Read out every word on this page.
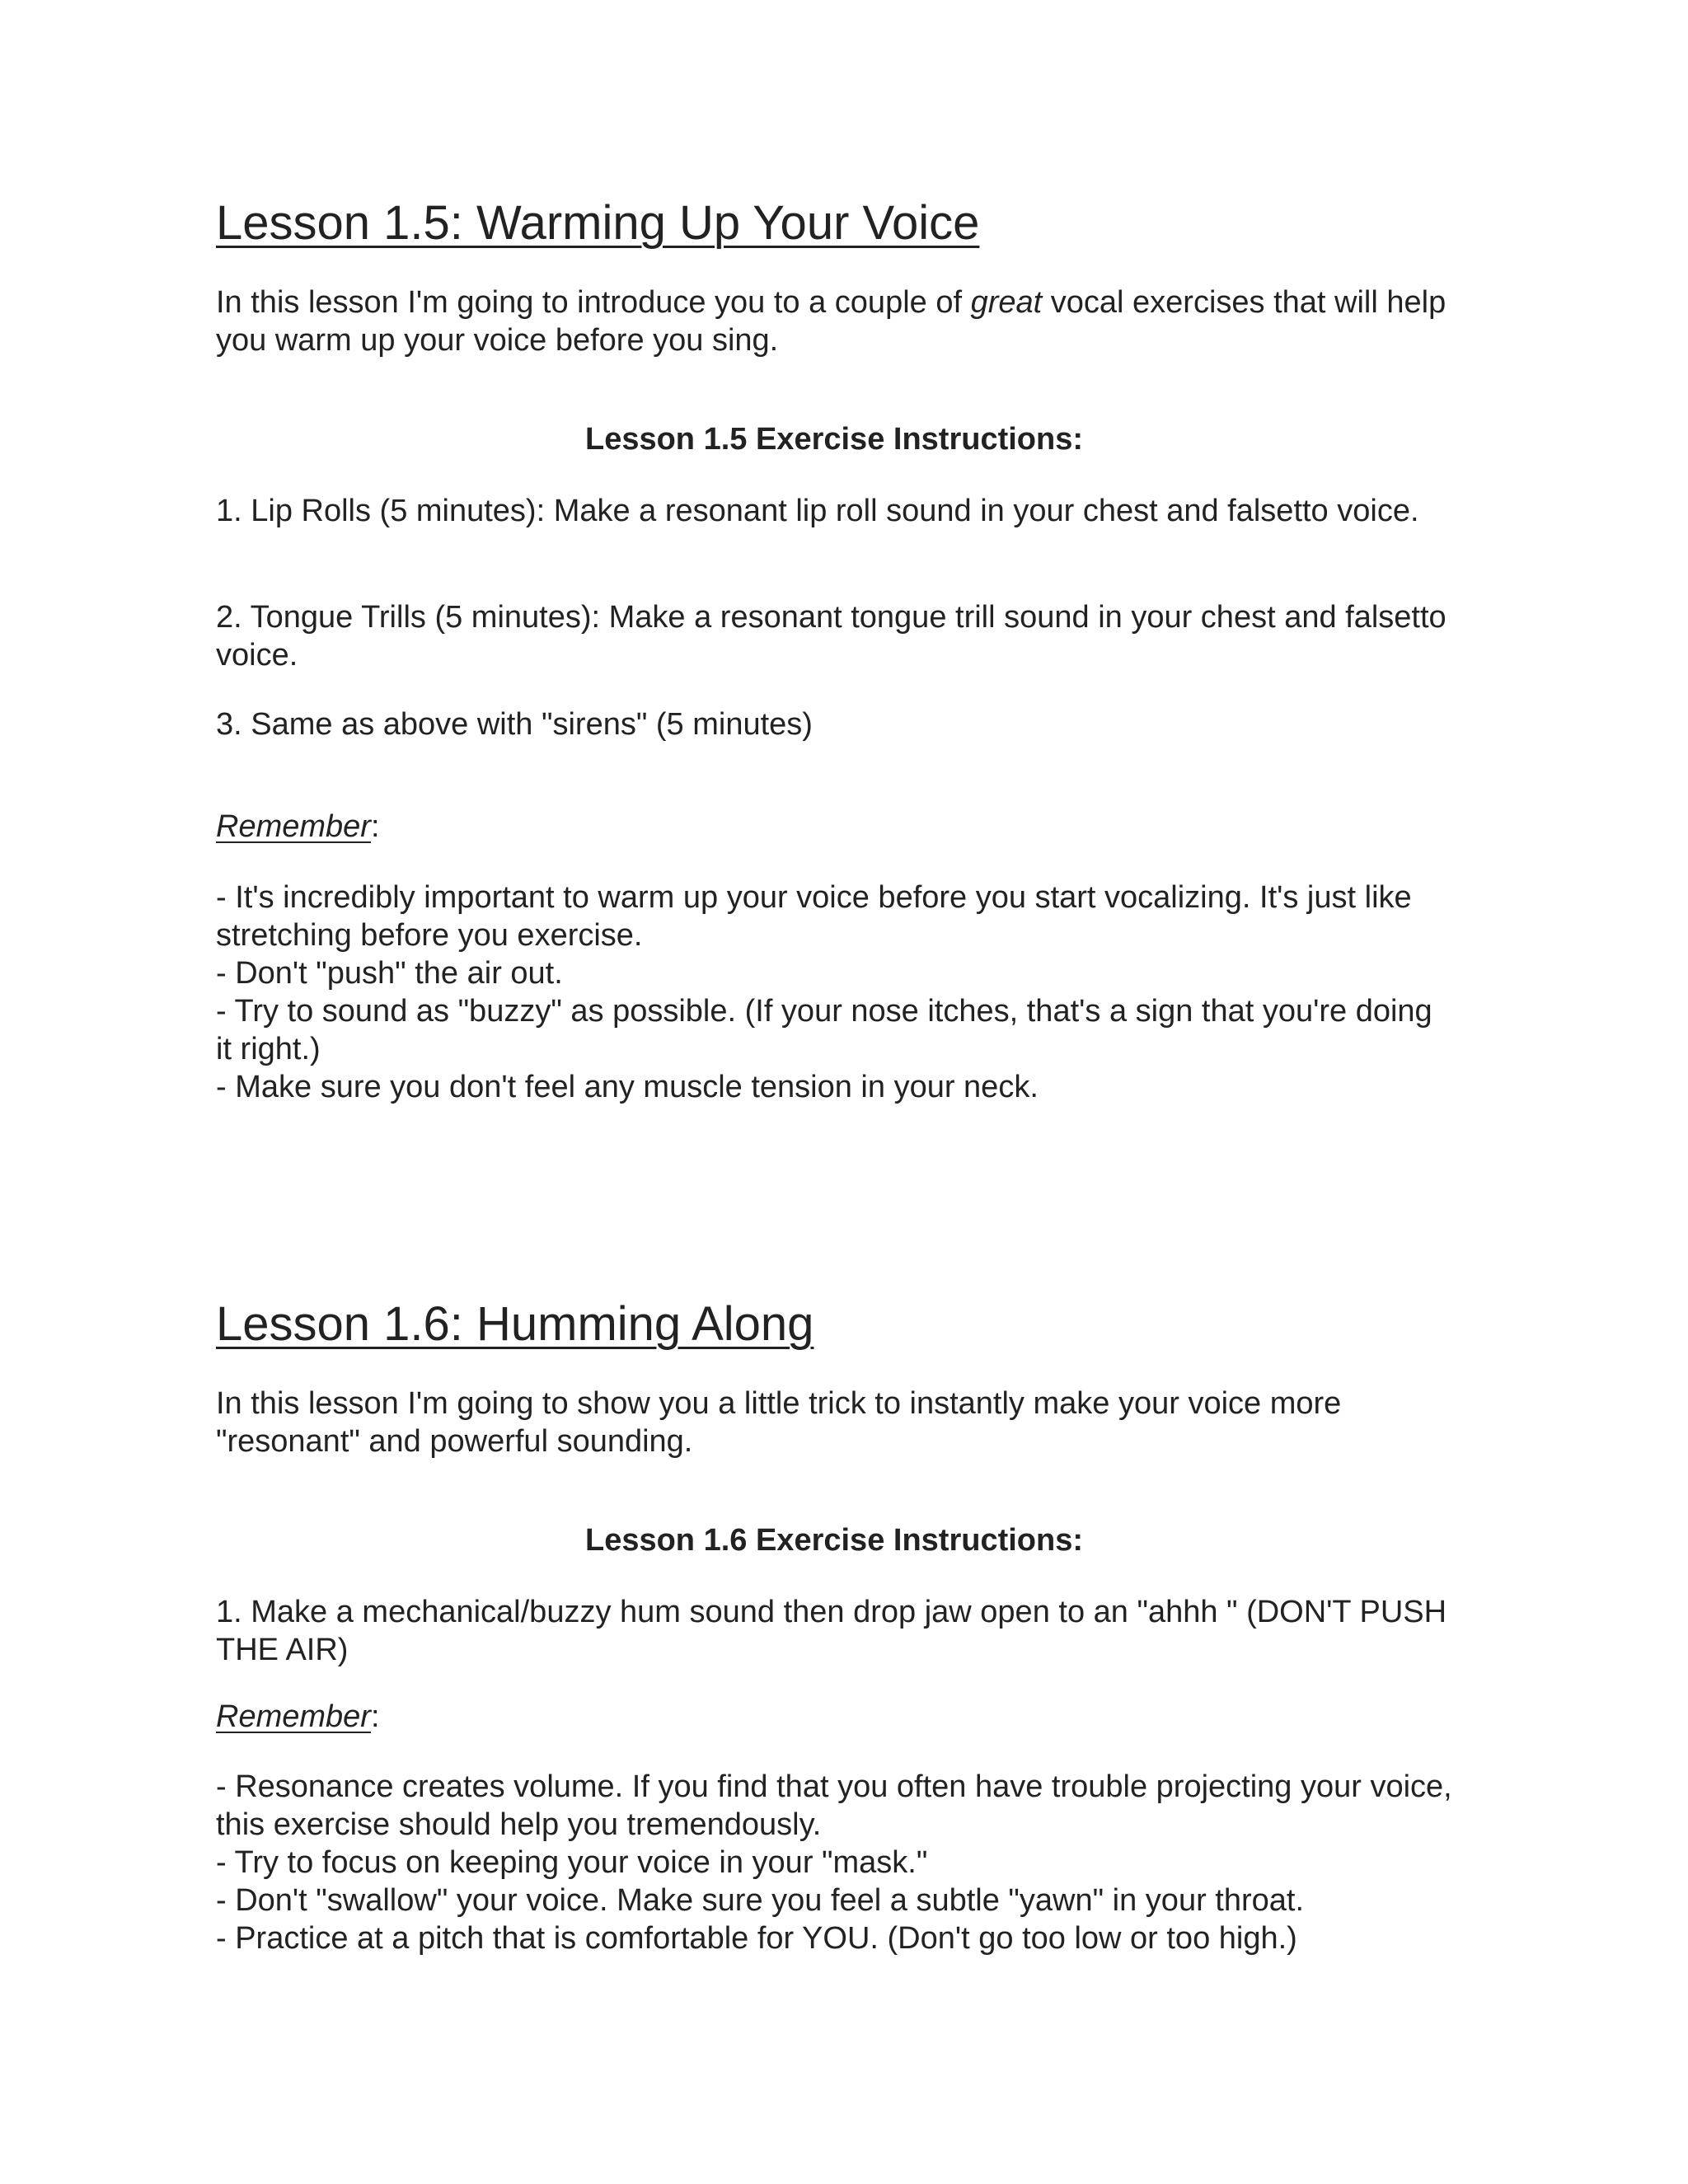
Lesson 1.5: Warming Up Your Voice

In this lesson I'm going to introduce you to a couple of great vocal exercises that will help you warm up your voice before you sing.

Lesson 1.5 Exercise Instructions:

1. Lip Rolls (5 minutes): Make a resonant lip roll sound in your chest and falsetto voice.

2. Tongue Trills (5 minutes): Make a resonant tongue trill sound in your chest and falsetto voice.

3. Same as above with "sirens" (5 minutes)

Remember:

- It's incredibly important to warm up your voice before you start vocalizing. It's just like stretching before you exercise.
- Don't "push" the air out.
- Try to sound as "buzzy" as possible. (If your nose itches, that's a sign that you're doing it right.)
- Make sure you don't feel any muscle tension in your neck.
Lesson 1.6: Humming Along

In this lesson I'm going to show you a little trick to instantly make your voice more "resonant" and powerful sounding.

Lesson 1.6 Exercise Instructions:

1. Make a mechanical/buzzy hum sound then drop jaw open to an "ahhh " (DON'T PUSH THE AIR)

Remember:

- Resonance creates volume. If you find that you often have trouble projecting your voice, this exercise should help you tremendously.
- Try to focus on keeping your voice in your "mask."
- Don't "swallow" your voice. Make sure you feel a subtle "yawn" in your throat.
- Practice at a pitch that is comfortable for YOU. (Don't go too low or too high.)
